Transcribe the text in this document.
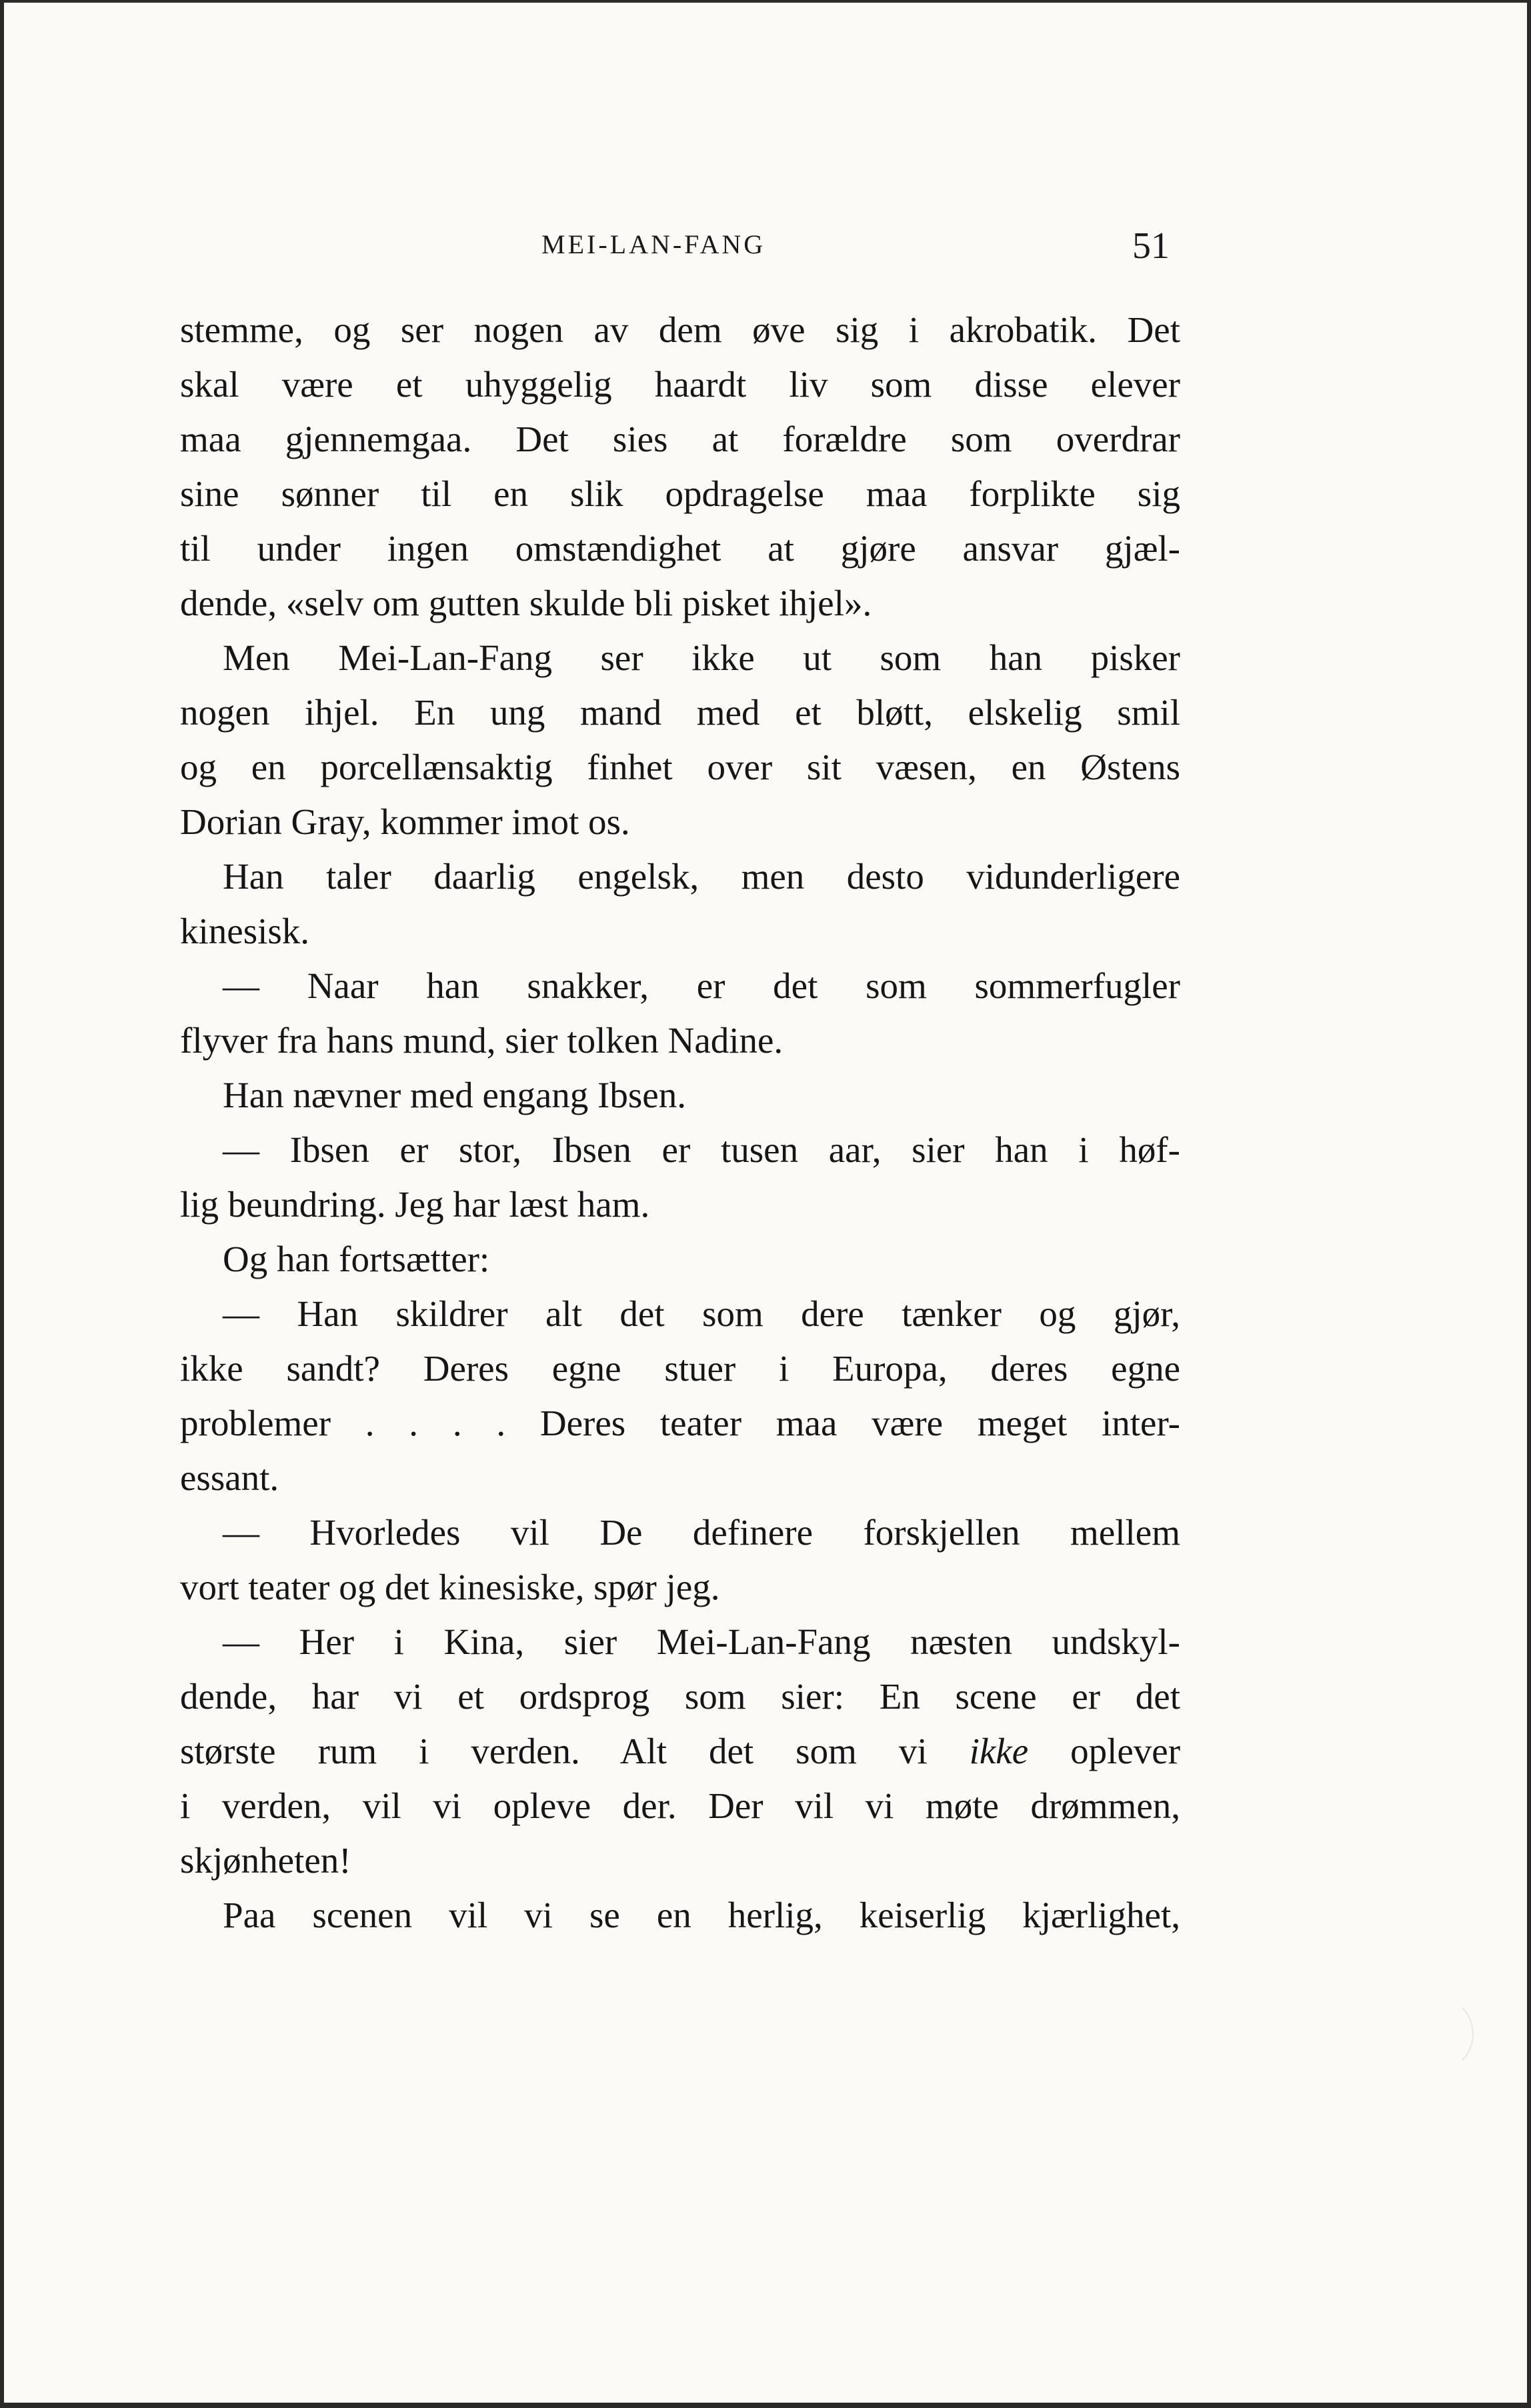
MEI-LAN-FANG	51
stemme, og ser nogen av dem øve sig i akrobatik. Det
skal være et uhyggelig haardt liv som disse elever
maa gjennemgaa. Det sies at forældre som overdrar
sine sønner til en slik opdragelse maa forplikte sig
til under ingen omstændighet at gjøre ansvar gjæl-
dende, «selv om gutten skulde bli pisket ihjel».
Men Mei-Lan-Fang ser ikke ut som han pisker
nogen ihjel. En ung mand med et bløtt, elskelig smil
og en porcellænsaktig finhet over sit væsen, en Østens
Dorian Gray, kommer imot os.
Han taler daarlig engelsk, men desto vidunderligere
kinesisk.
— Naar han snakker, er det som sommerfugler
flyver fra hans mund, sier tolken Nadine.
Han nævner med engang Ibsen.
— Ibsen er stor, Ibsen er tusen aar, sier han i høf-
lig beundring. Jeg har læst ham.
Og han fortsætter:
— Han skildrer alt det som dere tænker og gjør,
ikke sandt? Deres egne stuer i Europa, deres egne
problemer . . . . Deres teater maa være meget inter-
essant.
— Hvorledes vil De definere forskjellen mellem
vort teater og det kinesiske, spør jeg.
— Her i Kina, sier Mei-Lan-Fang næsten undskyl-
dende, har vi et ordsprog som sier: En scene er det
største rum i verden. Alt det som vi ikke oplever
i verden, vil vi opleve der. Der vil vi møte drømmen,
skjønheten!
Paa scenen vil vi se en herlig, keiserlig kjærlighet,
